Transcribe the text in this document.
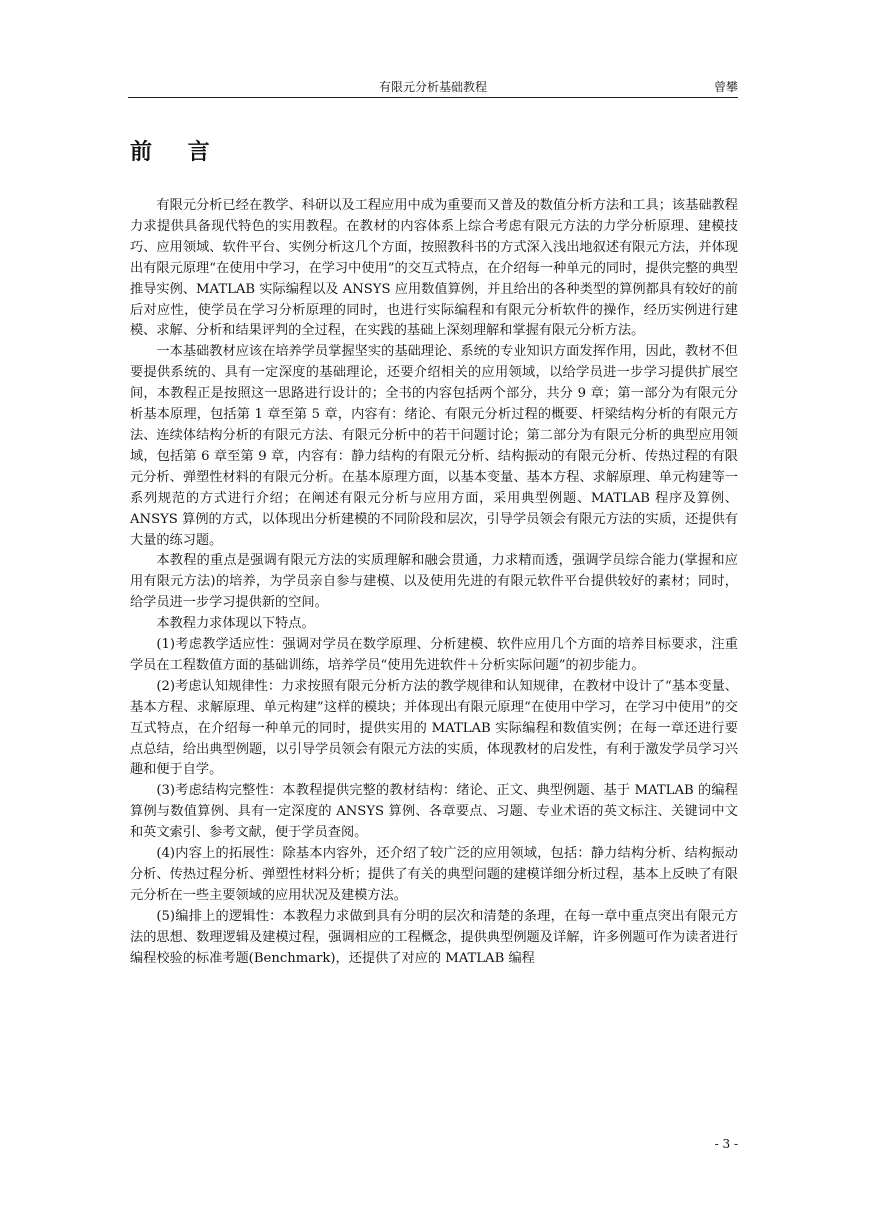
有限元分析基础教程	曾攀
前 言

有限元分析已经在教学、科研以及工程应用中成为重要而又普及的数值分析方法和工具；该基础教程力求提供具备现代特色的实用教程。在教材的内容体系上综合考虑有限元方法的力学分析原理、建模技巧、应用领域、软件平台、实例分析这几个方面，按照教科书的方式深入浅出地叙述有限元方法，并体现出有限元原理“在使用中学习，在学习中使用”的交互式特点，在介绍每一种单元的同时，提供完整的典型推导实例、MATLAB 实际编程以及 ANSYS 应用数值算例，并且给出的各种类型的算例都具有较好的前后对应性，使学员在学习分析原理的同时，也进行实际编程和有限元分析软件的操作，经历实例进行建模、求解、分析和结果评判的全过程，在实践的基础上深刻理解和掌握有限元分析方法。

一本基础教材应该在培养学员掌握坚实的基础理论、系统的专业知识方面发挥作用，因此，教材不但要提供系统的、具有一定深度的基础理论，还要介绍相关的应用领域，以给学员进一步学习提供扩展空间，本教程正是按照这一思路进行设计的；全书的内容包括两个部分，共分 9 章；第一部分为有限元分析基本原理，包括第 1 章至第 5 章，内容有：绪论、有限元分析过程的概要、杆梁结构分析的有限元方法、连续体结构分析的有限元方法、有限元分析中的若干问题讨论；第二部分为有限元分析的典型应用领域，包括第 6 章至第 9 章，内容有：静力结构的有限元分析、结构振动的有限元分析、传热过程的有限元分析、弹塑性材料的有限元分析。在基本原理方面，以基本变量、基本方程、求解原理、单元构建等一系列规范的方式进行介绍；在阐述有限元分析与应用方面，采用典型例题、MATLAB 程序及算例、ANSYS 算例的方式，以体现出分析建模的不同阶段和层次，引导学员领会有限元方法的实质，还提供有大量的练习题。

本教程的重点是强调有限元方法的实质理解和融会贯通，力求精而透，强调学员综合能力(掌握和应用有限元方法)的培养，为学员亲自参与建模、以及使用先进的有限元软件平台提供较好的素材；同时，给学员进一步学习提供新的空间。

本教程力求体现以下特点。

(1)考虑教学适应性：强调对学员在数学原理、分析建模、软件应用几个方面的培养目标要求，注重学员在工程数值方面的基础训练，培养学员“使用先进软件＋分析实际问题”的初步能力。

(2)考虑认知规律性：力求按照有限元分析方法的教学规律和认知规律，在教材中设计了“基本变量、基本方程、求解原理、单元构建”这样的模块；并体现出有限元原理“在使用中学习，在学习中使用”的交互式特点，在介绍每一种单元的同时，提供实用的 MATLAB 实际编程和数值实例；在每一章还进行要点总结，给出典型例题，以引导学员领会有限元方法的实质，体现教材的启发性，有利于激发学员学习兴趣和便于自学。

(3)考虑结构完整性：本教程提供完整的教材结构：绪论、正文、典型例题、基于 MATLAB 的编程算例与数值算例、具有一定深度的 ANSYS 算例、各章要点、习题、专业术语的英文标注、关键词中文和英文索引、参考文献，便于学员查阅。

(4)内容上的拓展性：除基本内容外，还介绍了较广泛的应用领域，包括：静力结构分析、结构振动分析、传热过程分析、弹塑性材料分析；提供了有关的典型问题的建模详细分析过程，基本上反映了有限元分析在一些主要领域的应用状况及建模方法。

(5)编排上的逻辑性：本教程力求做到具有分明的层次和清楚的条理，在每一章中重点突出有限元方法的思想、数理逻辑及建模过程，强调相应的工程概念，提供典型例题及详解，许多例题可作为读者进行编程校验的标准考题(Benchmark)，还提供了对应的 MATLAB 编程

- 3 -
